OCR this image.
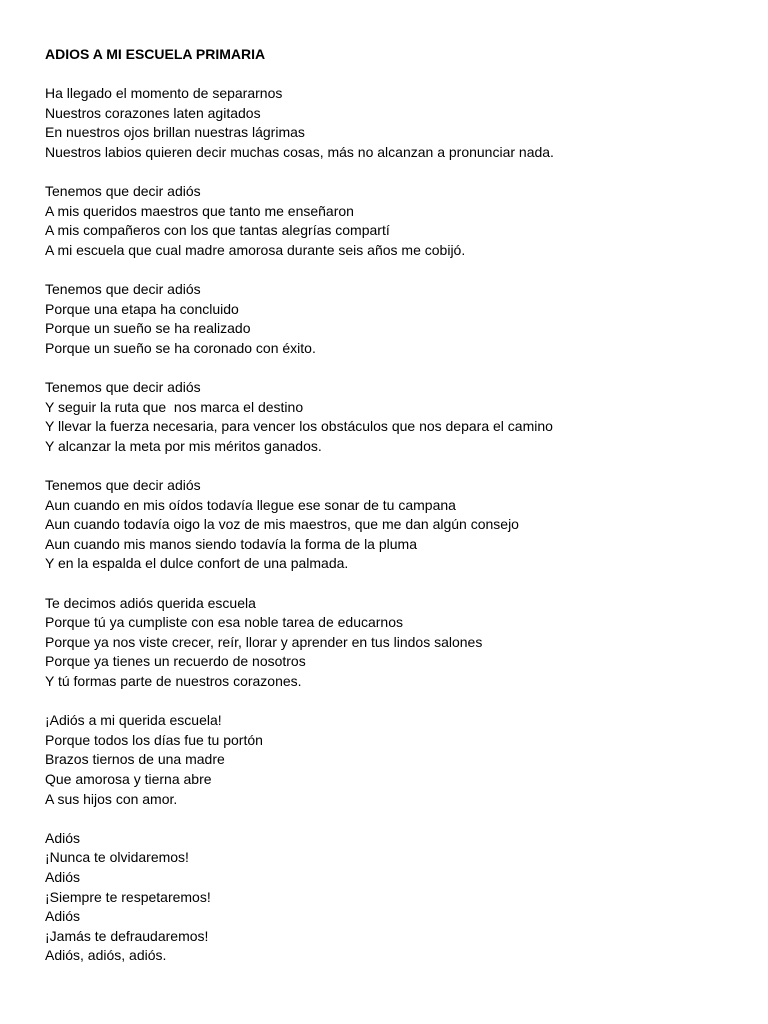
ADIOS A MI ESCUELA PRIMARIA
Ha llegado el momento de separarnos
Nuestros corazones laten agitados
En nuestros ojos brillan nuestras lágrimas
Nuestros labios quieren decir muchas cosas, más no alcanzan a pronunciar nada.
Tenemos que decir adiós
A mis queridos maestros que tanto me enseñaron
A mis compañeros con los que tantas alegrías compartí
A mi escuela que cual madre amorosa durante seis años me cobijó.
Tenemos que decir adiós
Porque una etapa ha concluido
Porque un sueño se ha realizado
Porque un sueño se ha coronado con éxito.
Tenemos que decir adiós
Y seguir la ruta que  nos marca el destino
Y llevar la fuerza necesaria, para vencer los obstáculos que nos depara el camino
Y alcanzar la meta por mis méritos ganados.
Tenemos que decir adiós
Aun cuando en mis oídos todavía llegue ese sonar de tu campana
Aun cuando todavía oigo la voz de mis maestros, que me dan algún consejo
Aun cuando mis manos siendo todavía la forma de la pluma
Y en la espalda el dulce confort de una palmada.
Te decimos adiós querida escuela
Porque tú ya cumpliste con esa noble tarea de educarnos
Porque ya nos viste crecer, reír, llorar y aprender en tus lindos salones
Porque ya tienes un recuerdo de nosotros
Y tú formas parte de nuestros corazones.
¡Adiós a mi querida escuela!
Porque todos los días fue tu portón
Brazos tiernos de una madre
Que amorosa y tierna abre
A sus hijos con amor.
Adiós
¡Nunca te olvidaremos!
Adiós
¡Siempre te respetaremos!
Adiós
¡Jamás te defraudaremos!
Adiós, adiós, adiós.
